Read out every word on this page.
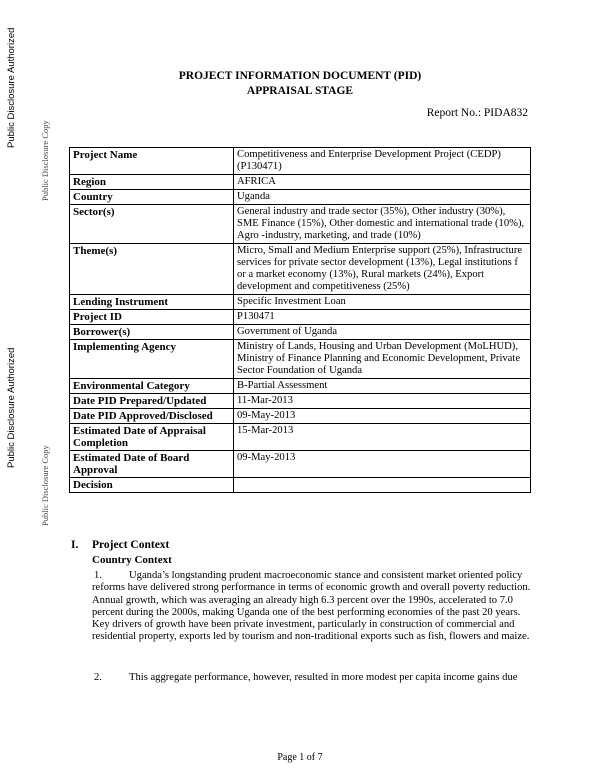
Public Disclosure Authorized
Public Disclosure Copy
Public Disclosure Authorized
Public Disclosure Copy
PROJECT INFORMATION DOCUMENT (PID)
APPRAISAL STAGE
Report No.: PIDA832
Project Name	Competitiveness and Enterprise Development Project (CEDP) (P130471)
Region	AFRICA
Country	Uganda
Sector(s)	General industry and trade sector (35%), Other industry (30%), SME Finance (15%), Other domestic and international trade (10%), Agro -industry, marketing, and trade (10%)
Theme(s)	Micro, Small and Medium Enterprise support (25%), Infrastructure services for private sector development (13%), Legal institutions f or a market economy (13%), Rural markets (24%), Export development and competitiveness (25%)
Lending Instrument	Specific Investment Loan
Project ID	P130471
Borrower(s)	Government of Uganda
Implementing Agency	Ministry of Lands, Housing and Urban Development (MoLHUD), Ministry of Finance Planning and Economic Development, Private Sector Foundation of Uganda
Environmental Category	B-Partial Assessment
Date PID Prepared/Updated	11-Mar-2013
Date PID Approved/Disclosed	09-May-2013
Estimated Date of Appraisal Completion	15-Mar-2013
Estimated Date of Board Approval	09-May-2013
Decision	
I. Project Context
Country Context
1.	Uganda’s longstanding prudent macroeconomic stance and consistent market oriented policy reforms have delivered strong performance in terms of economic growth and overall poverty reduction. Annual growth, which was averaging an already high 6.3 percent over the 1990s, accelerated to 7.0 percent during the 2000s, making Uganda one of the best performing economies of the past 20 years. Key drivers of growth have been private investment, particularly in construction of commercial and residential property, exports led by tourism and non-traditional exports such as fish, flowers and maize.
2.	This aggregate performance, however, resulted in more modest per capita income gains due
Page 1 of 7
